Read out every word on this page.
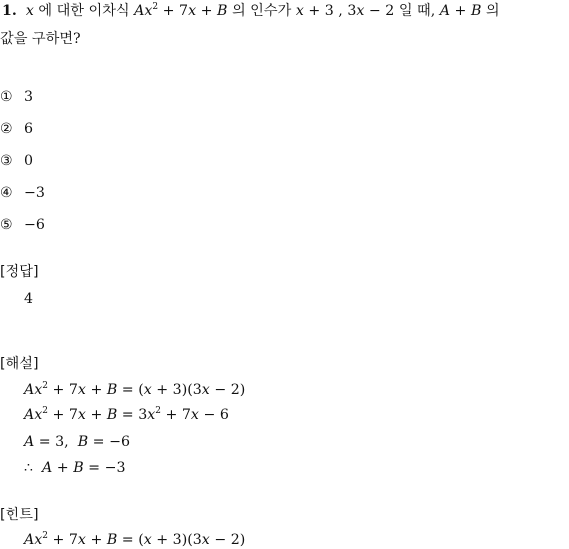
1. x 에 대한 이차식 $Ax^2 + 7x + B$ 의 인수가 x + 3 , 3x − 2 일 때, A + B 의
값을 구하면?
① 3
② 6
③ 0
④ −3
⑤ −6
[정답]
4
[해설]
$Ax^2 + 7x + B = (x + 3)(3x - 2)$
$Ax^2 + 7x + B = 3x^2 + 7x - 6$
A = 3,  B = −6
∴  A + B = −3
[힌트]
$Ax^2 + 7x + B = (x + 3)(3x - 2)$
